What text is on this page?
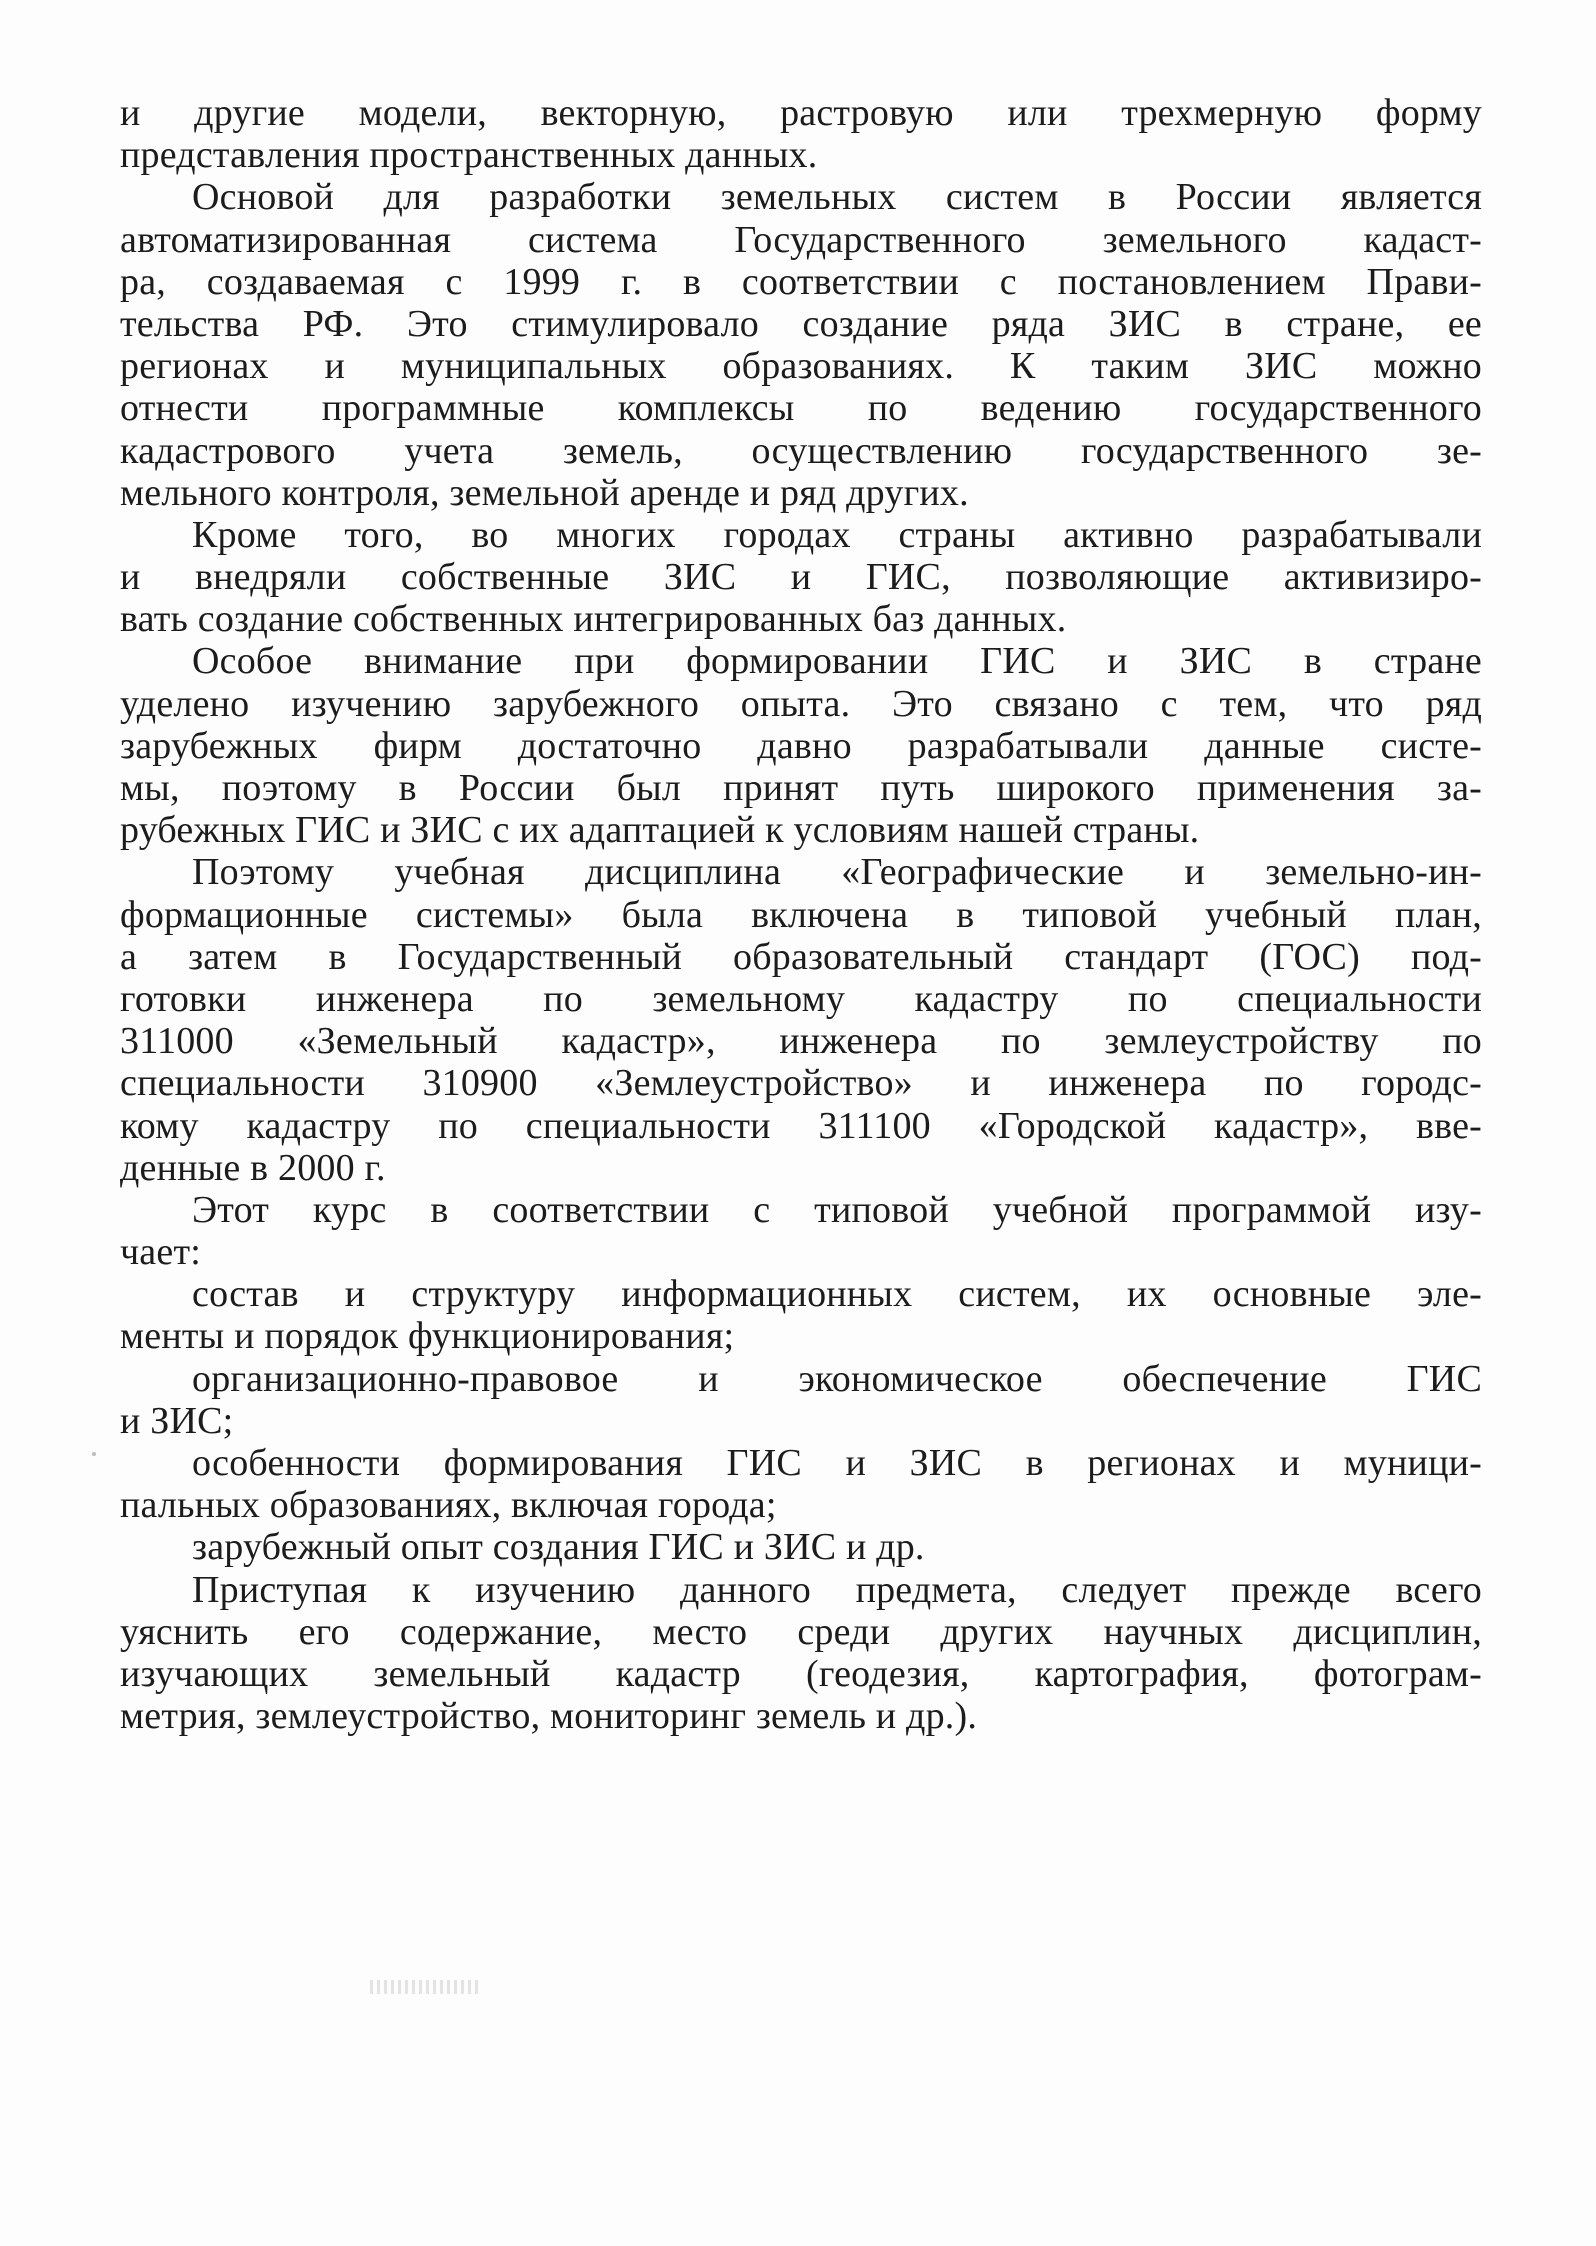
и другие модели, векторную, растровую или трехмерную форму
представления пространственных данных.
Основой для разработки земельных систем в России является
автоматизированная система Государственного земельного кадаст-
ра, создаваемая с 1999 г. в соответствии с постановлением Прави-
тельства РФ. Это стимулировало создание ряда ЗИС в стране, ее
регионах и муниципальных образованиях. К таким ЗИС можно
отнести программные комплексы по ведению государственного
кадастрового учета земель, осуществлению государственного зе-
мельного контроля, земельной аренде и ряд других.
Кроме того, во многих городах страны активно разрабатывали
и внедряли собственные ЗИС и ГИС, позволяющие активизиро-
вать создание собственных интегрированных баз данных.
Особое внимание при формировании ГИС и ЗИС в стране
уделено изучению зарубежного опыта. Это связано с тем, что ряд
зарубежных фирм достаточно давно разрабатывали данные систе-
мы, поэтому в России был принят путь широкого применения за-
рубежных ГИС и ЗИС с их адаптацией к условиям нашей страны.
Поэтому учебная дисциплина «Географические и земельно-ин-
формационные системы» была включена в типовой учебный план,
а затем в Государственный образовательный стандарт (ГОС) под-
готовки инженера по земельному кадастру по специальности
311000 «Земельный кадастр», инженера по землеустройству по
специальности 310900 «Землеустройство» и инженера по городс-
кому кадастру по специальности 311100 «Городской кадастр», вве-
денные в 2000 г.
Этот курс в соответствии с типовой учебной программой изу-
чает:
состав и структуру информационных систем, их основные эле-
менты и порядок функционирования;
организационно-правовое и экономическое обеспечение ГИС
и ЗИС;
особенности формирования ГИС и ЗИС в регионах и муници-
пальных образованиях, включая города;
зарубежный опыт создания ГИС и ЗИС и др.
Приступая к изучению данного предмета, следует прежде всего
уяснить его содержание, место среди других научных дисциплин,
изучающих земельный кадастр (геодезия, картография, фотограм-
метрия, землеустройство, мониторинг земель и др.).
